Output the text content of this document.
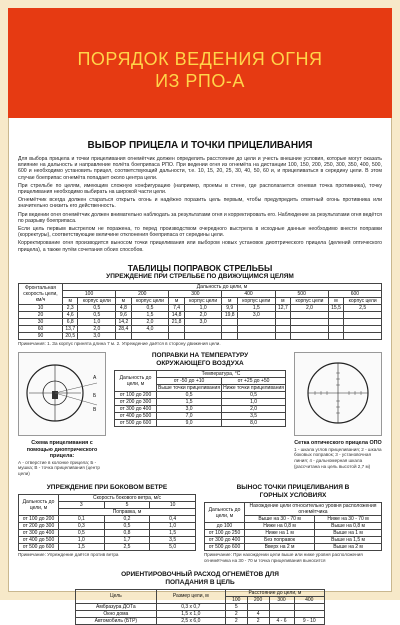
ПОРЯДОК ВЕДЕНИЯ ОГНЯ
ИЗ РПО-А
ВЫБОР ПРИЦЕЛА И ТОЧКИ ПРИЦЕЛИВАНИЯ

Для выбора прицела и точки прицеливания огнемётчик должен определить расстояние до цели и учесть внешние условия, которые могут оказать влияние на дальность и направление полёта боеприпаса РПО. При ведении огня из огнемёта на дистанции 100, 150, 200, 250, 300, 350, 400, 500, 600 и необходимо установить прицел, соответствующий дальности, т.е. 10, 15, 20, 25, 30, 40, 50, 60 и, и прицеливаться в середину цели. В этом случае боеприпас огнемёта попадает около центра цели.

При стрельбе по целям, имеющим сложную конфигурацию (например, проемы в стене, где располагается огневая точка противника), точку прицеливания необходимо выбирать на широкой части цели.

Огнемётчик всегда должен стараться открыть огонь и надёжно поразить цель первым, чтобы предупредить ответный огонь противника или значительно снизить его действенность.

При ведении огня огнемётчик должен внимательно наблюдать за результатами огня и корректировать его. Наблюдение за результатами огня ведётся по разрыву боеприпаса.

Если цель первым выстрелом не поражена, то перед производством очередного выстрела в исходные данные необходимо внести поправки (корректуры), соответствующие величине отклонения боеприпаса от середины цели.

Корректирование огня производится выносом точки прицеливания или выбором новых установок диоптрического прицела (делений оптического прицела), а также путём сочетания обоих способов.

ТАБЛИЦЫ ПОПРАВОК СТРЕЛЬБЫ
УПРЕЖДЕНИЕ ПРИ СТРЕЛЬБЕ ПО ДВИЖУЩИМСЯ ЦЕЛЯМ
Фронтальная скорость цели, км/ч	Дальность до цели, м											
	100		200		300		400		500		600	
	м	корпус цели	м	корпус цели	м	корпус цели	м	корпус цели	м	корпус цели	м	корпус цели
10	2,3	0,5	4,8	0,5	7,4	1,0	9,9	1,5	12,7	2,0	15,5	2,5
20	4,6	0,5	9,6	1,5	14,8	2,0	19,8	3,0				
30	6,8	1,0	14,2	2,0	21,8	3,0						
60	13,7	2,0	28,4	4,0								
90	20,5	3,0										
Примечания: 1. За корпус принята длина 7 м. 2. Упреждение даётся в сторону движения цели.
А
Б
В
ПОПРАВКИ НА ТЕМПЕРАТУРУ
ОКРУЖАЮЩЕГО ВОЗДУХА
Дальность до цели, м	Температура, °С	
	от -50 до +10	от +25 до +50
	Выше точки прицеливания	Ниже точки прицеливания
от 100 до 200	0,5	0,5
от 200 до 300	1,5	1,0
от 300 до 400	3,0	2,0
от 400 до 500	7,0	3,5
от 500 до 600	9,0	8,0
Схема прицеливания с помощью диоптрического прицела:
А - отверстие в колонке прицела; Б - мушка; В - точка прицеливания (центр цели)
Сетка оптического прицела ОПО
1 - шкала углов прицеливания; 2 - шкала боковых поправок; 3 - установочная линия; 4 - дальномерная шкала (рассчитана на цель высотой 2,7 м)
УПРЕЖДЕНИЕ ПРИ БОКОВОМ ВЕТРЕ
Дальность до цели, м	Скорость бокового ветра, м/с		
	3	5	10
	Поправка, м		
от 100 до 200	0,1	0,2	0,4
от 200 до 300	0,3	0,5	1,0
от 300 до 400	0,5	0,8	1,5
от 400 до 500	1,0	1,7	3,5
от 500 до 600	1,5	2,5	5,0
Примечание: Упреждение даётся против ветра
ВЫНОС ТОЧКИ ПРИЦЕЛИВАНИЯ В
ГОРНЫХ УСЛОВИЯХ
Дальность до цели, м	Нахождение цели относительно уровня расположения огнемётчика	
	Выше на 30 - 70 м	Ниже на 30 - 70 м
до 100	Ниже на 0,8 м	Выше на 0,8 м
от 100 до 250	Ниже на 1 м	Выше на 1 м
от 300 до 400	Без поправок	Выше на 1,5 м
от 500 до 600	Вверх на 2 м	Выше на 2 м
Примечание: При нахождении цели выше или ниже уровня расположения огнемётчика на 30 - 70 м точка прицеливания выносится
ОРИЕНТИРОВОЧНЫЙ РАСХОД ОГНЕМЁТОВ ДЛЯ
ПОПАДАНИЯ В ЦЕЛЬ
Цель	Размер цели, м	Расстояние до цели, м			
		100	200	300	400
Амбразура ДОТа	0,3 х 0,7	5			
Окно дома	1,5 х 1,0	2	4		
Автомобиль (БТР)	2,5 х 6,0	2	2	4 - 6	9 - 10
